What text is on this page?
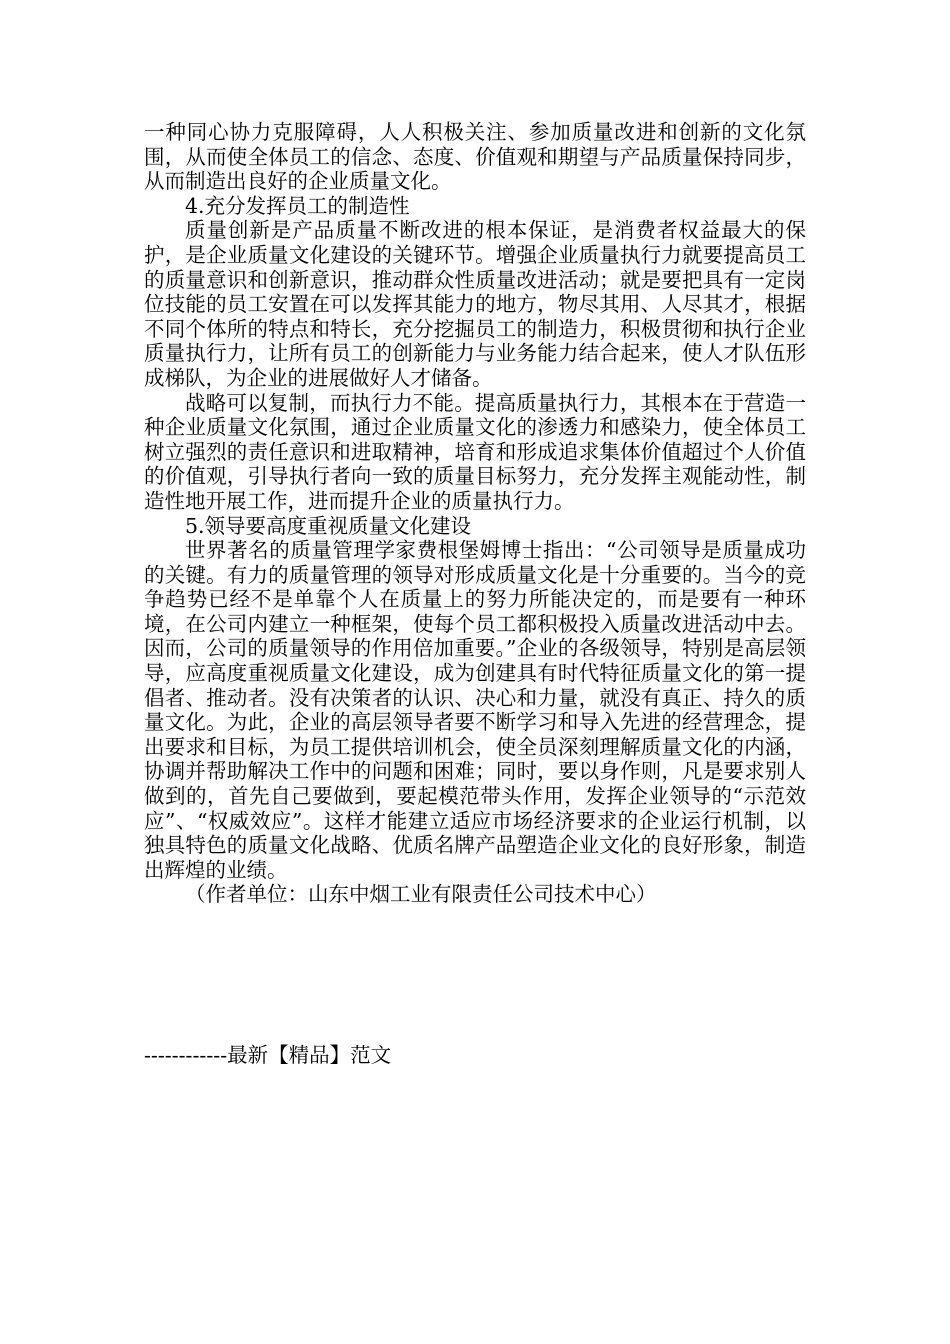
一种同心协力克服障碍，人人积极关注、参加质量改进和创新的文化氛围，从而使全体员工的信念、态度、价值观和期望与产品质量保持同步，从而制造出良好的企业质量文化。

4.充分发挥员工的制造性

质量创新是产品质量不断改进的根本保证，是消费者权益最大的保护，是企业质量文化建设的关键环节。增强企业质量执行力就要提高员工的质量意识和创新意识，推动群众性质量改进活动；就是要把具有一定岗位技能的员工安置在可以发挥其能力的地方，物尽其用、人尽其才，根据不同个体所的特点和特长，充分挖掘员工的制造力，积极贯彻和执行企业质量执行力，让所有员工的创新能力与业务能力结合起来，使人才队伍形成梯队，为企业的进展做好人才储备。

战略可以复制，而执行力不能。提高质量执行力，其根本在于营造一种企业质量文化氛围，通过企业质量文化的渗透力和感染力，使全体员工树立强烈的责任意识和进取精神，培育和形成追求集体价值超过个人价值的价值观，引导执行者向一致的质量目标努力，充分发挥主观能动性，制造性地开展工作，进而提升企业的质量执行力。

5.领导要高度重视质量文化建设

世界著名的质量管理学家费根堡姆博士指出：“公司领导是质量成功的关键。有力的质量管理的领导对形成质量文化是十分重要的。当今的竞争趋势已经不是单靠个人在质量上的努力所能决定的，而是要有一种环境，在公司内建立一种框架，使每个员工都积极投入质量改进活动中去。因而，公司的质量领导的作用倍加重要。”企业的各级领导，特别是高层领导，应高度重视质量文化建设，成为创建具有时代特征质量文化的第一提倡者、推动者。没有决策者的认识、决心和力量，就没有真正、持久的质量文化。为此，企业的高层领导者要不断学习和导入先进的经营理念，提出要求和目标，为员工提供培训机会，使全员深刻理解质量文化的内涵，协调并帮助解决工作中的问题和困难；同时，要以身作则，凡是要求别人做到的，首先自己要做到，要起模范带头作用，发挥企业领导的“示范效应”、“权威效应”。这样才能建立适应市场经济要求的企业运行机制，以独具特色的质量文化战略、优质名牌产品塑造企业文化的良好形象，制造出辉煌的业绩。

（作者单位：山东中烟工业有限责任公司技术中心）

------------最新【精品】范文
